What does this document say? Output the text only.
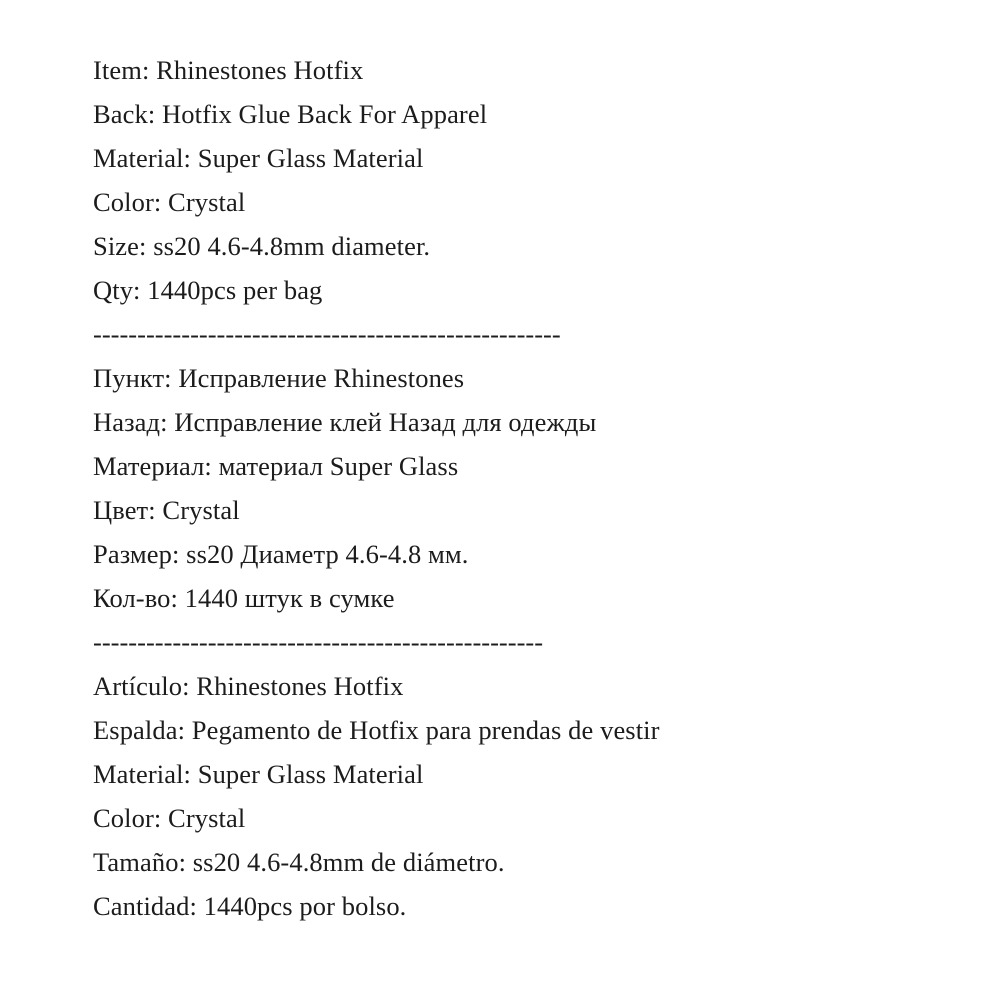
Item: Rhinestones Hotfix
Back: Hotfix Glue Back For Apparel
Material: Super Glass Material
Color: Crystal
Size: ss20 4.6-4.8mm diameter.
Qty: 1440pcs per bag
-----------------------------------------------------
Пункт: Исправление Rhinestones
Назад: Исправление клей Назад для одежды
Материал: материал Super Glass
Цвет: Crystal
Размер: ss20 Диаметр 4.6-4.8 мм.
Кол-во: 1440 штук в сумке
---------------------------------------------------
Artículo: Rhinestones Hotfix
Espalda: Pegamento de Hotfix para prendas de vestir
Material: Super Glass Material
Color: Crystal
Tamaño: ss20 4.6-4.8mm de diámetro.
Cantidad: 1440pcs por bolso.
